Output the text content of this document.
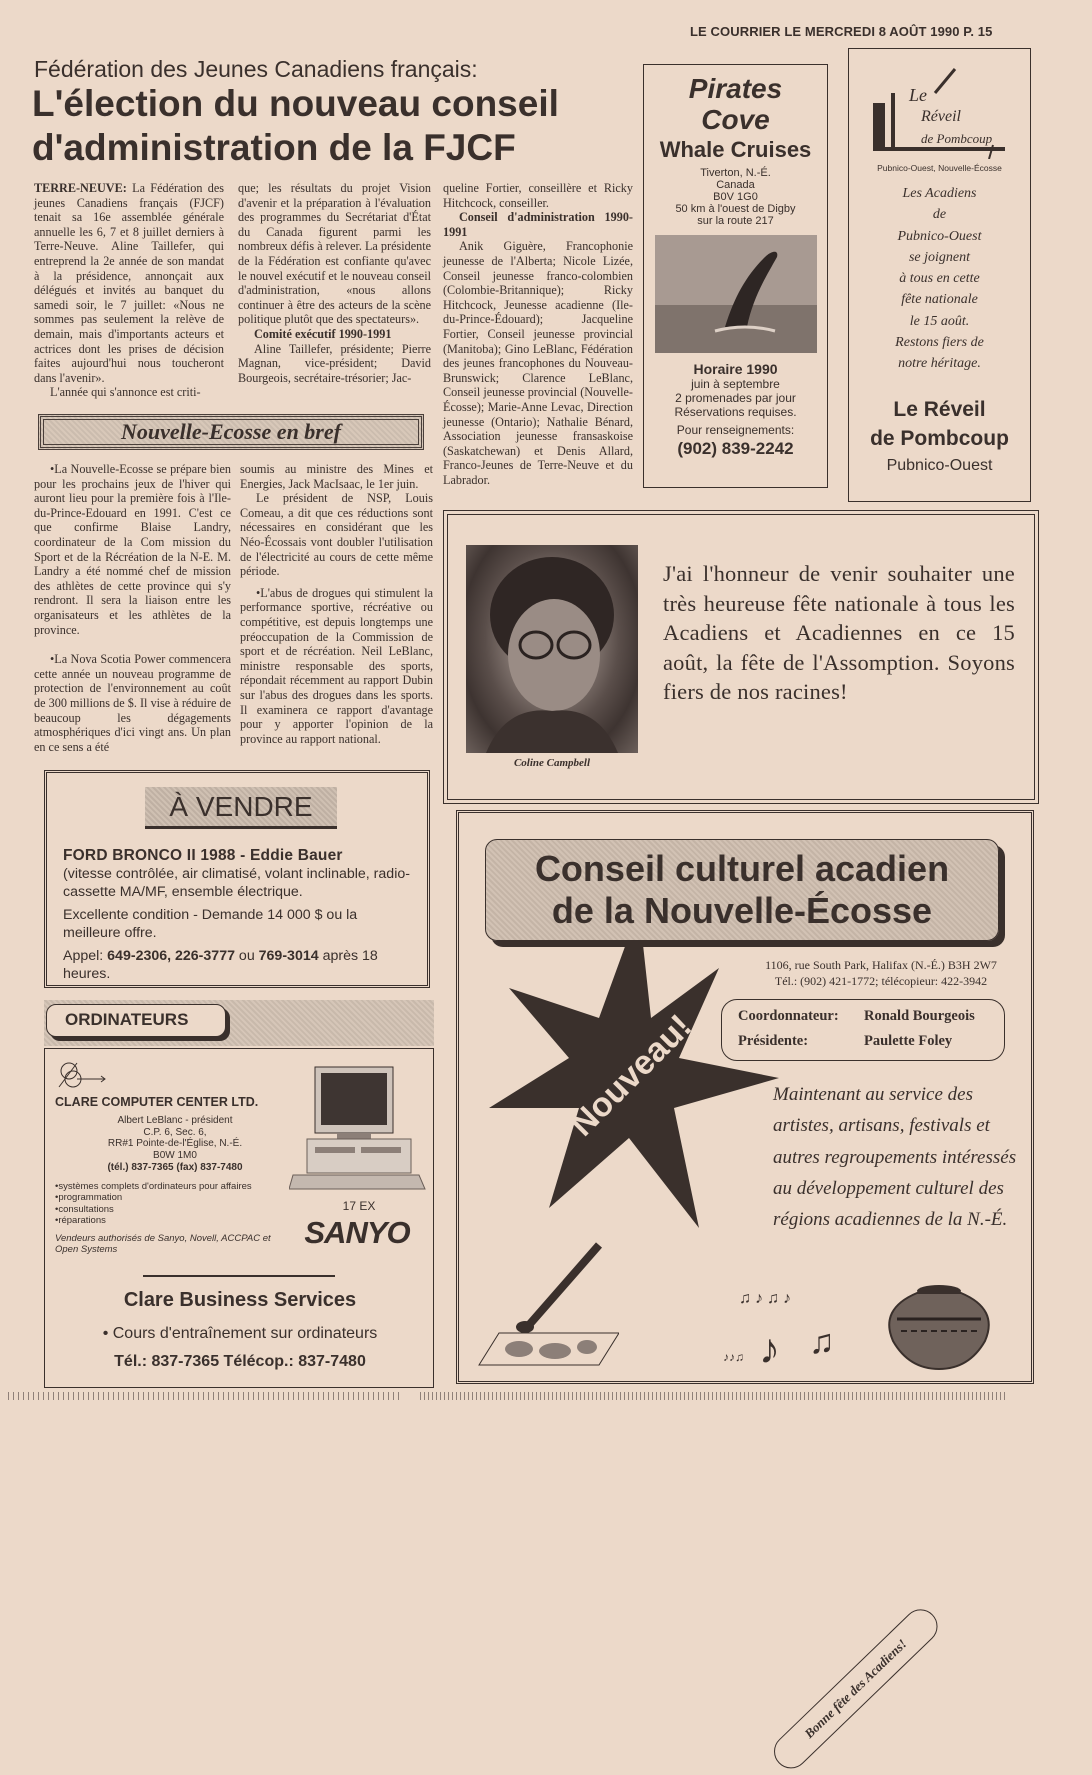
LE COURRIER LE MERCREDI 8 AOÛT 1990 P. 15
Fédération des Jeunes Canadiens français:
L'élection du nouveau conseil d'administration de la FJCF

TERRE-NEUVE: La Fédération des jeunes Canadiens français (FJCF) tenait sa 16e assemblée générale annuelle les 6, 7 et 8 juillet derniers à Terre-Neuve. Aline Taillefer, qui entreprend la 2e année de son mandat à la présidence, annonçait aux délégués et invités au banquet du samedi soir, le 7 juillet: «Nous ne sommes pas seulement la relève de demain, mais d'importants acteurs et actrices dont les prises de décision faites aujourd'hui nous toucheront dans l'avenir».

L'année qui s'annonce est criti-

que; les résultats du projet Vision d'avenir et la préparation à l'évaluation des programmes du Secrétariat d'État du Canada figurent parmi les nombreux défis à relever. La présidente de la Fédération est confiante qu'avec le nouvel exécutif et le nouveau conseil d'administration, «nous allons continuer à être des acteurs de la scène politique plutôt que des spectateurs».

Comité exécutif 1990-1991

Aline Taillefer, présidente; Pierre Magnan, vice-président; David Bourgeois, secrétaire-trésorier; Jac-

queline Fortier, conseillère et Ricky Hitchcock, conseiller.

Conseil d'administration 1990-1991

Anik Giguère, Francophonie jeunesse de l'Alberta; Nicole Lizée, Conseil jeunesse franco-colombien (Colombie-Britannique); Ricky Hitchcock, Jeunesse acadienne (Ile-du-Prince-Édouard); Jacqueline Fortier, Conseil jeunesse provincial (Manitoba); Gino LeBlanc, Fédération des jeunes francophones du Nouveau-Brunswick; Clarence LeBlanc, Conseil jeunesse provincial (Nouvelle-Écosse); Marie-Anne Levac, Direction jeunesse (Ontario); Nathalie Bénard, Association jeunesse fransaskoise (Saskatchewan) et Denis Allard, Franco-Jeunes de Terre-Neuve et du Labrador.

Nouvelle-Ecosse en bref

•La Nouvelle-Ecosse se prépare bien pour les prochains jeux de l'hiver qui auront lieu pour la première fois à l'Ile-du-Prince-Edouard en 1991. C'est ce que confirme Blaise Landry, coordinateur de la Com mission du Sport et de la Récréation de la N-E. M. Landry a été nommé chef de mission des athlètes de cette province qui s'y rendront. Il sera la liaison entre les organisateurs et les athlètes de la province.

•La Nova Scotia Power commencera cette année un nouveau programme de protection de l'environnement au coût de 300 millions de $. Il vise à réduire de beaucoup les dégagements atmosphériques d'ici vingt ans. Un plan en ce sens a été

soumis au ministre des Mines et Energies, Jack MacIsaac, le 1er juin.

Le président de NSP, Louis Comeau, a dit que ces réductions sont nécessaires en considérant que les Néo-Écossais vont doubler l'utilisation de l'électricité au cours de cette même période.

•L'abus de drogues qui stimulent la performance sportive, récréative ou compétitive, est depuis longtemps une préoccupation de la Commission de sport et de récréation. Neil LeBlanc, ministre responsable des sports, répondait récemment au rapport Dubin sur l'abus des drogues dans les sports. Il examinera ce rapport d'avantage pour y apporter l'opinion de la province au rapport national.

Pirates
Cove
Whale Cruises
Tiverton, N.-É.
Canada
B0V 1G0
50 km à l'ouest de Digby
sur la route 217
Horaire 1990
juin à septembre
2 promenades par jour
Réservations requises.
Pour renseignements:
(902) 839-2242
Le
Réveil
de Pombcoup
Pubnico-Ouest, Nouvelle-Écosse
Les Acadiens
de
Pubnico-Ouest
se joignent
à tous en cette
fête nationale
le 15 août.
Restons fiers de
notre héritage.
Le Réveil
de Pombcoup
Pubnico-Ouest
Coline Campbell
J'ai l'honneur de venir souhaiter une très heureuse fête nationale à tous les Acadiens et Acadiennes en ce 15 août, la fête de l'Assomption. Soyons fiers de nos racines!
À VENDRE
FORD BRONCO II 1988 - Eddie Bauer

(vitesse contrôlée, air climatisé, volant inclinable, radio-cassette MA/MF, ensemble électrique.

Excellente condition - Demande 14 000 $ ou la meilleure offre.

Appel: 649-2306, 226-3777 ou 769-3014 après 18 heures.

ORDINATEURS
CLARE COMPUTER CENTER LTD.
Albert LeBlanc - président
C.P. 6, Sec. 6,
RR#1 Pointe-de-l'Église, N.-É.
B0W 1M0
(tél.) 837-7365 (fax) 837-7480
•systèmes complets d'ordinateurs pour affaires
•programmation
•consultations
•réparations
Vendeurs authorisés de Sanyo, Novell, ACCPAC et Open Systems
17 EX
SANYO
Clare Business Services
• Cours d'entraînement sur ordinateurs
Tél.: 837-7365 Télécop.: 837-7480
Nouveau!
Conseil culturel acadien
de la Nouvelle-Écosse
1106, rue South Park, Halifax (N.-É.) B3H 2W7
Tél.: (902) 421-1772; télécopieur: 422-3942
Coordonnateur:	Ronald Bourgeois
Présidente:	Paulette Foley
Maintenant au service des artistes, artisans, festivals et autres regroupements intéressés au développement culturel des régions acadiennes de la N.-É.
Bonne fête des Acadiens!
♫ ♪ ♫ ♪
♪ ♫
♪♪♫
